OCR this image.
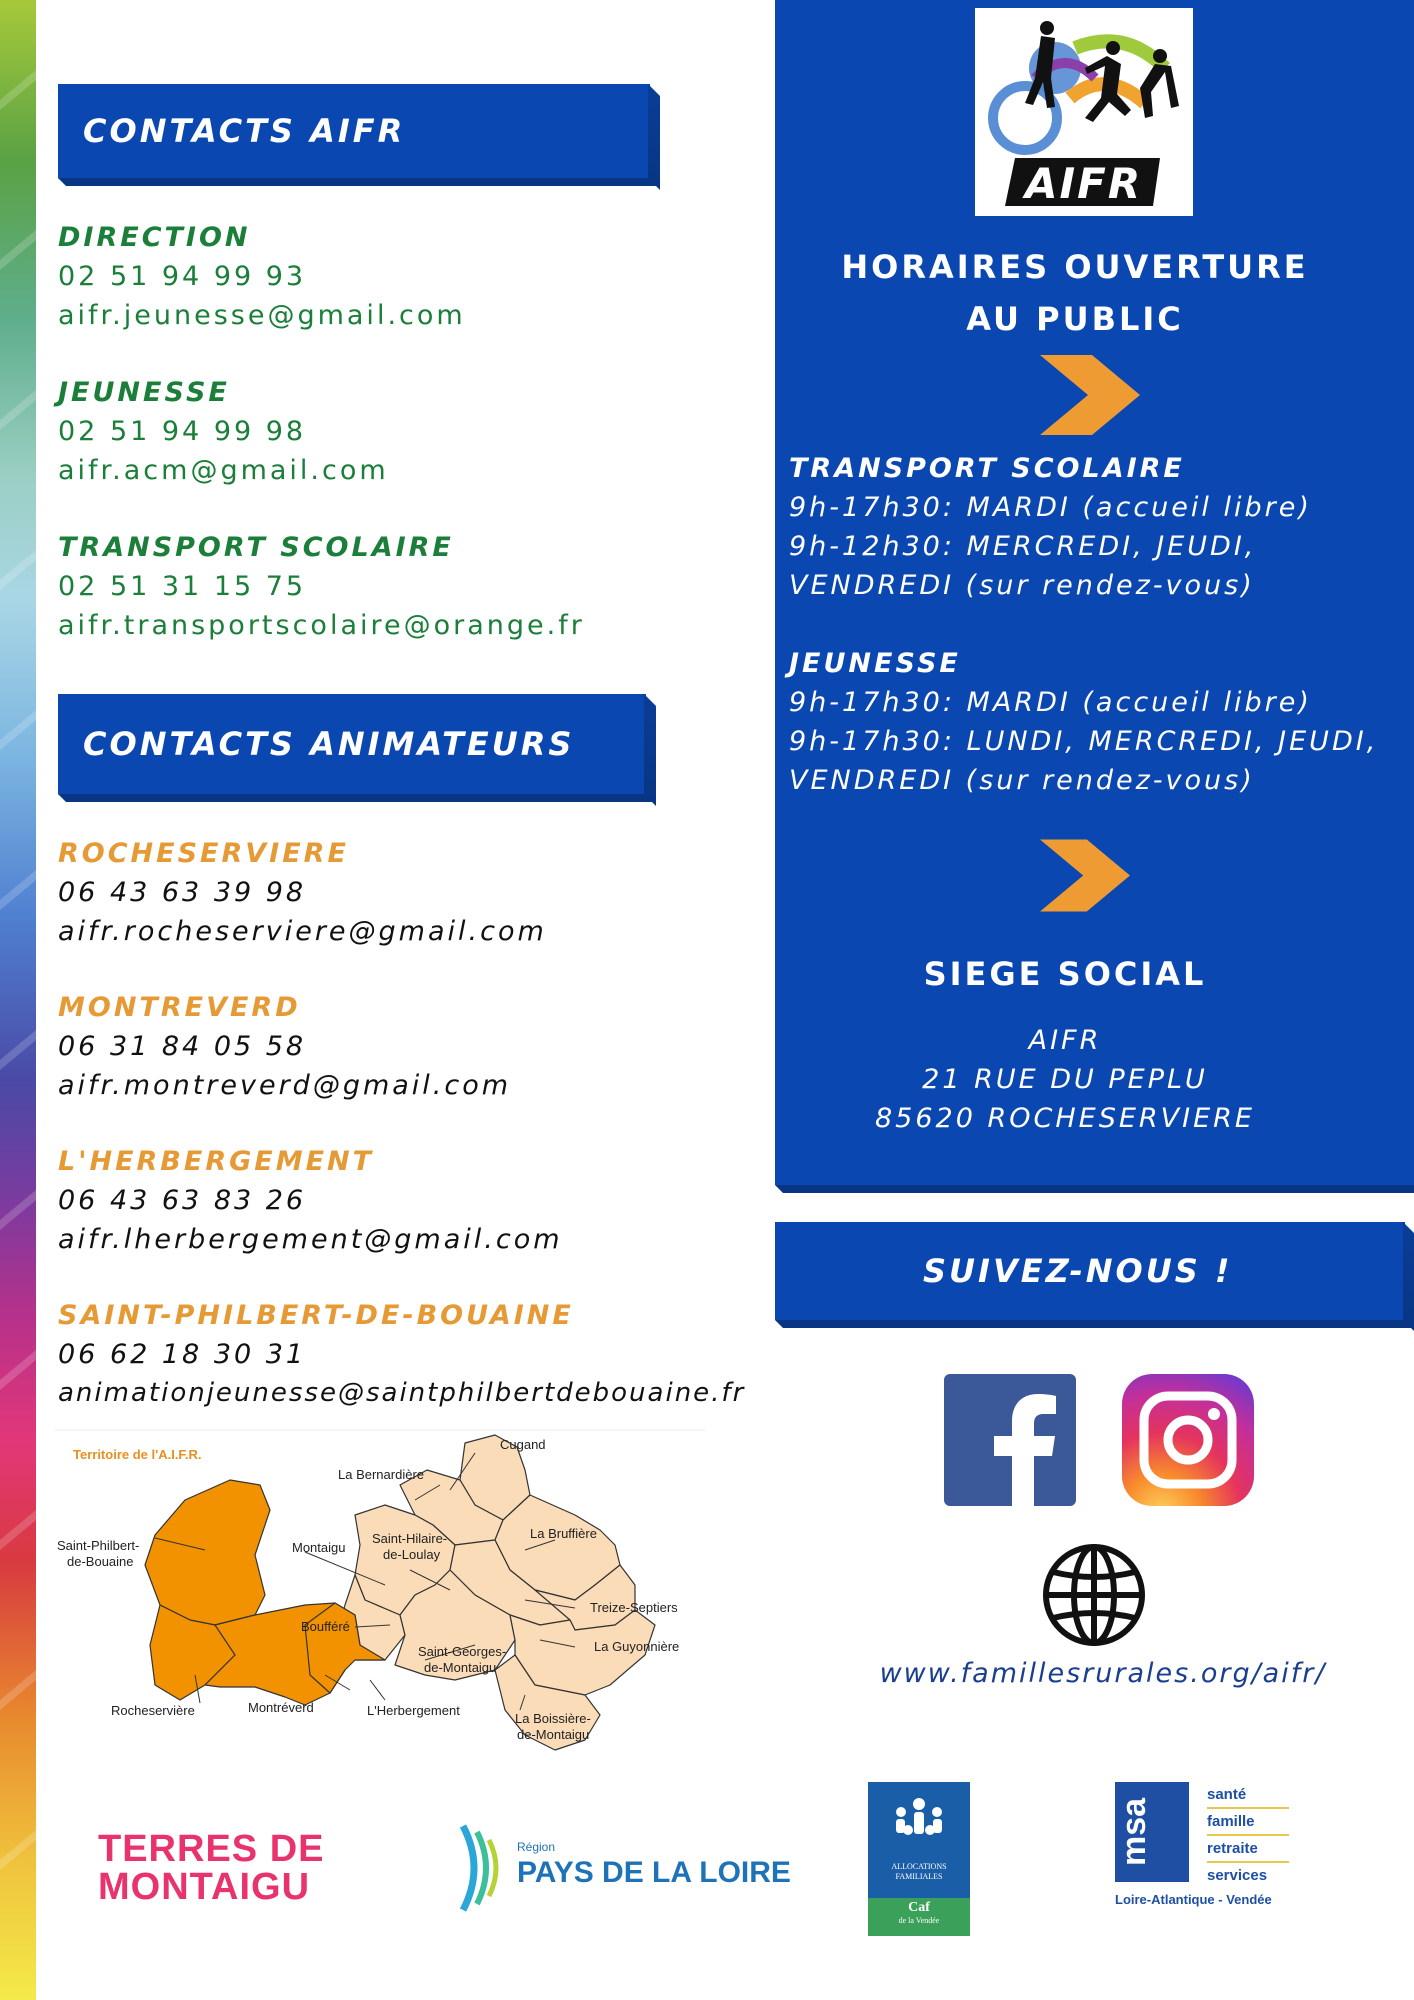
CONTACTS AIFR
DIRECTION
02 51 94 99 93
aifr.jeunesse@gmail.com
JEUNESSE
02 51 94 99 98
aifr.acm@gmail.com
TRANSPORT SCOLAIRE
02 51 31 15 75
aifr.transportscolaire@orange.fr
CONTACTS ANIMATEURS
ROCHESERVIERE
06 43 63 39 98
aifr.rocheserviere@gmail.com
MONTREVERD
06 31 84 05 58
aifr.montreverd@gmail.com
L'HERBERGEMENT
06 43 63 83 26
aifr.lherbergement@gmail.com
SAINT-PHILBERT-DE-BOUAINE
06 62 18 30 31
animationjeunesse@saintphilbertdebouaine.fr
Territoire de l'A.I.F.R.
Cugand
La Bernardière
La Bruffière
Saint-Hilaire-
de-Loulay
Montaigu
Saint-Philbert-
de-Bouaine
Treize-Septiers
Boufféré
La Guyonnière
Saint-Georges-
de-Montaigu
La Boissière-
de-Montaigu
Montréverd
Rocheservière	L'Herbergement
TERRES DE
MONTAIGU
Région
PAYS DE LA LOIRE
HORAIRES OUVERTURE
AU PUBLIC
TRANSPORT SCOLAIRE
9h-17h30: MARDI (accueil libre)
9h-12h30: MERCREDI, JEUDI,
VENDREDI (sur rendez-vous)
JEUNESSE
9h-17h30: MARDI (accueil libre)
9h-17h30: LUNDI, MERCREDI, JEUDI,
VENDREDI (sur rendez-vous)
SIEGE SOCIAL
AIFR
21 RUE DU PEPLU
85620 ROCHESERVIERE
AIFR
SUIVEZ-NOUS !
www.famillesrurales.org/aifr/
ALLOCATIONS
FAMILIALES
Caf
de la Vendée
msa
santé
famille
retraite
services
Loire-Atlantique - Vendée
